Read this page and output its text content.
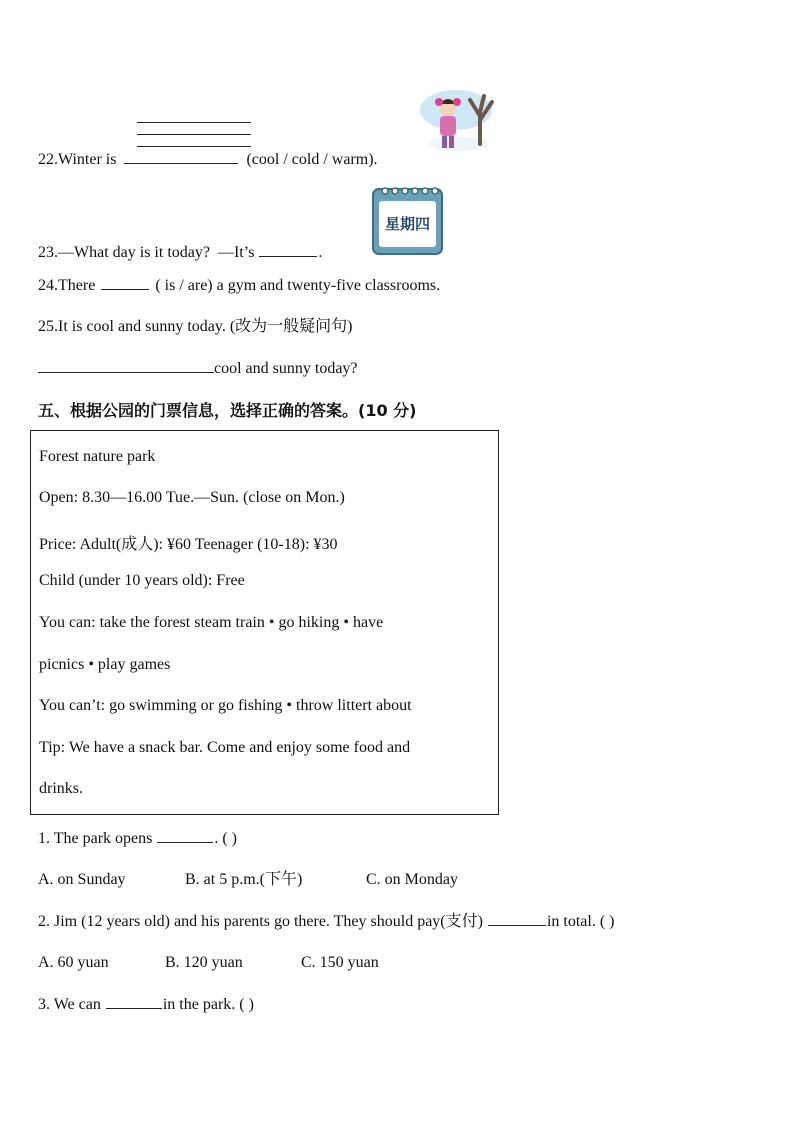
22.Winter is	(cool / cold / warm).
星期四
23.—What day is it today? —It’s	.
24.There	( is / are) a gym and twenty-five classrooms.
25.It is cool and sunny today. (改为一般疑问句)
cool and sunny today?
五、根据公园的门票信息，选择正确的答案。(10 分)
Forest nature park
Open: 8.30—16.00 Tue.—Sun. (close on Mon.)
Price: Adult(成人): ¥60 Teenager (10-18): ¥30
Child (under 10 years old): Free
You can: take the forest steam train • go hiking • have
picnics • play games
You can’t: go swimming or go fishing • throw littert about
Tip: We have a snack bar. Come and enjoy some food and
drinks.
1. The park opens	. ( )
A. on Sunday	B. at 5 p.m.(下午)	C. on Monday
2. Jim (12 years old) and his parents go there. They should pay(支付)	in total. ( )
A. 60 yuan	B. 120 yuan	C. 150 yuan
3. We can	in the park. ( )
